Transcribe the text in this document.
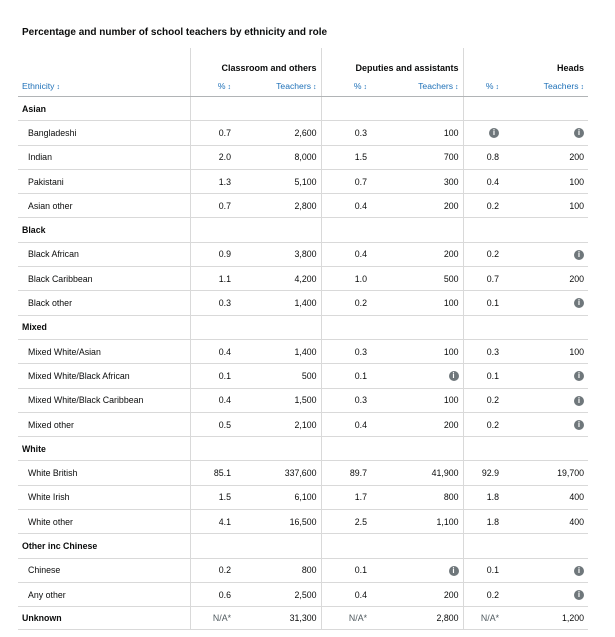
Percentage and number of school teachers by ethnicity and role
	Classroom and others		Deputies and assistants		Heads	
Ethnicity ↕	% ↕	Teachers ↕	% ↕	Teachers ↕	% ↕	Teachers ↕
Asian						
Bangladeshi	0.7	2,600	0.3	100	i	i
Indian	2.0	8,000	1.5	700	0.8	200
Pakistani	1.3	5,100	0.7	300	0.4	100
Asian other	0.7	2,800	0.4	200	0.2	100
Black						
Black African	0.9	3,800	0.4	200	0.2	i
Black Caribbean	1.1	4,200	1.0	500	0.7	200
Black other	0.3	1,400	0.2	100	0.1	i
Mixed						
Mixed White/Asian	0.4	1,400	0.3	100	0.3	100
Mixed White/Black African	0.1	500	0.1	i	0.1	i
Mixed White/Black Caribbean	0.4	1,500	0.3	100	0.2	i
Mixed other	0.5	2,100	0.4	200	0.2	i
White						
White British	85.1	337,600	89.7	41,900	92.9	19,700
White Irish	1.5	6,100	1.7	800	1.8	400
White other	4.1	16,500	2.5	1,100	1.8	400
Other inc Chinese						
Chinese	0.2	800	0.1	i	0.1	i
Any other	0.6	2,500	0.4	200	0.2	i
Unknown	N/A*	31,300	N/A*	2,800	N/A*	1,200
